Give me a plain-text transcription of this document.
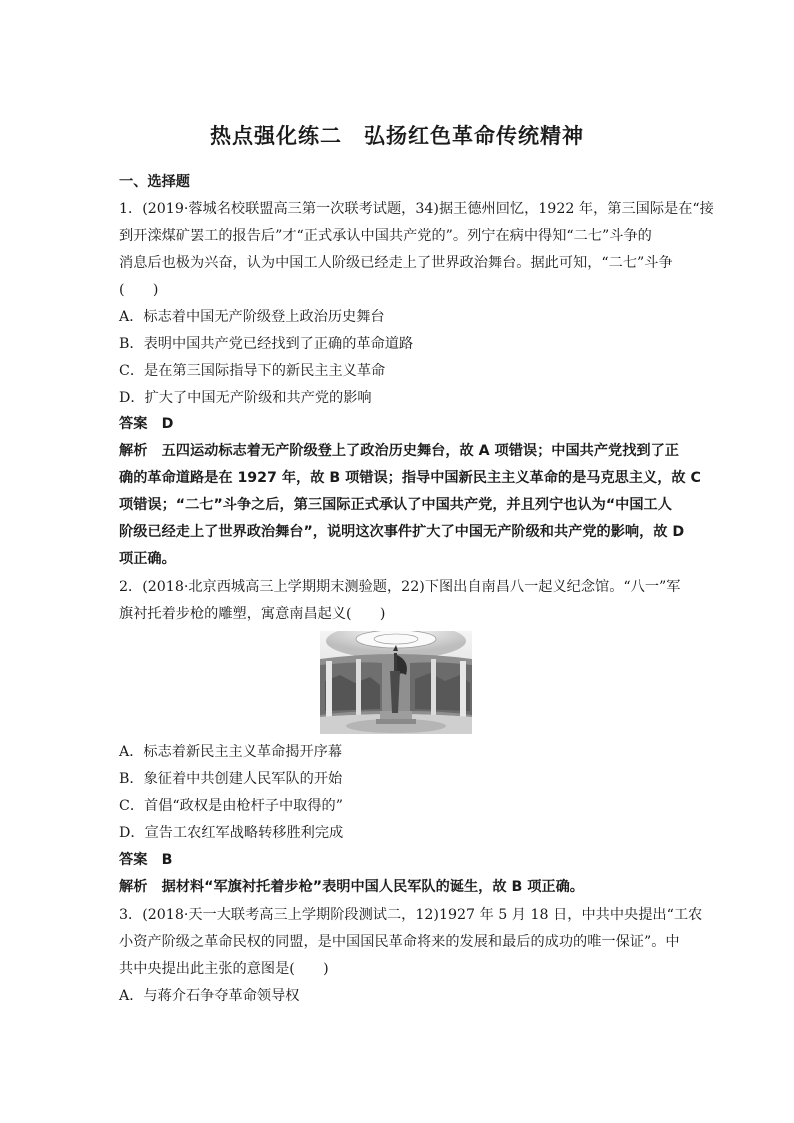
热点强化练二　弘扬红色革命传统精神
一、选择题
1．(2019·蓉城名校联盟高三第一次联考试题，34)据王德州回忆，1922 年，第三国际是在“接
到开滦煤矿罢工的报告后”才“正式承认中国共产党的”。列宁在病中得知“二七”斗争的
消息后也极为兴奋，认为中国工人阶级已经走上了世界政治舞台。据此可知，“二七”斗争
(　　)
A．标志着中国无产阶级登上政治历史舞台
B．表明中国共产党已经找到了正确的革命道路
C．是在第三国际指导下的新民主主义革命
D．扩大了中国无产阶级和共产党的影响
答案　D
解析　五四运动标志着无产阶级登上了政治历史舞台，故 A 项错误；中国共产党找到了正
确的革命道路是在 1927 年，故 B 项错误；指导中国新民主主义革命的是马克思主义，故 C
项错误；“二七”斗争之后，第三国际正式承认了中国共产党，并且列宁也认为“中国工人
阶级已经走上了世界政治舞台”，说明这次事件扩大了中国无产阶级和共产党的影响，故 D
项正确。
2．(2018·北京西城高三上学期期末测验题，22)下图出自南昌八一起义纪念馆。“八一”军
旗衬托着步枪的雕塑，寓意南昌起义(　　)
A．标志着新民主主义革命揭开序幕
B．象征着中共创建人民军队的开始
C．首倡“政权是由枪杆子中取得的”
D．宣告工农红军战略转移胜利完成
答案　B
解析　据材料“军旗衬托着步枪”表明中国人民军队的诞生，故 B 项正确。
3．(2018·天一大联考高三上学期阶段测试二，12)1927 年 5 月 18 日，中共中央提出“工农
小资产阶级之革命民权的同盟，是中国国民革命将来的发展和最后的成功的唯一保证”。中
共中央提出此主张的意图是(　　)
A．与蒋介石争夺革命领导权
